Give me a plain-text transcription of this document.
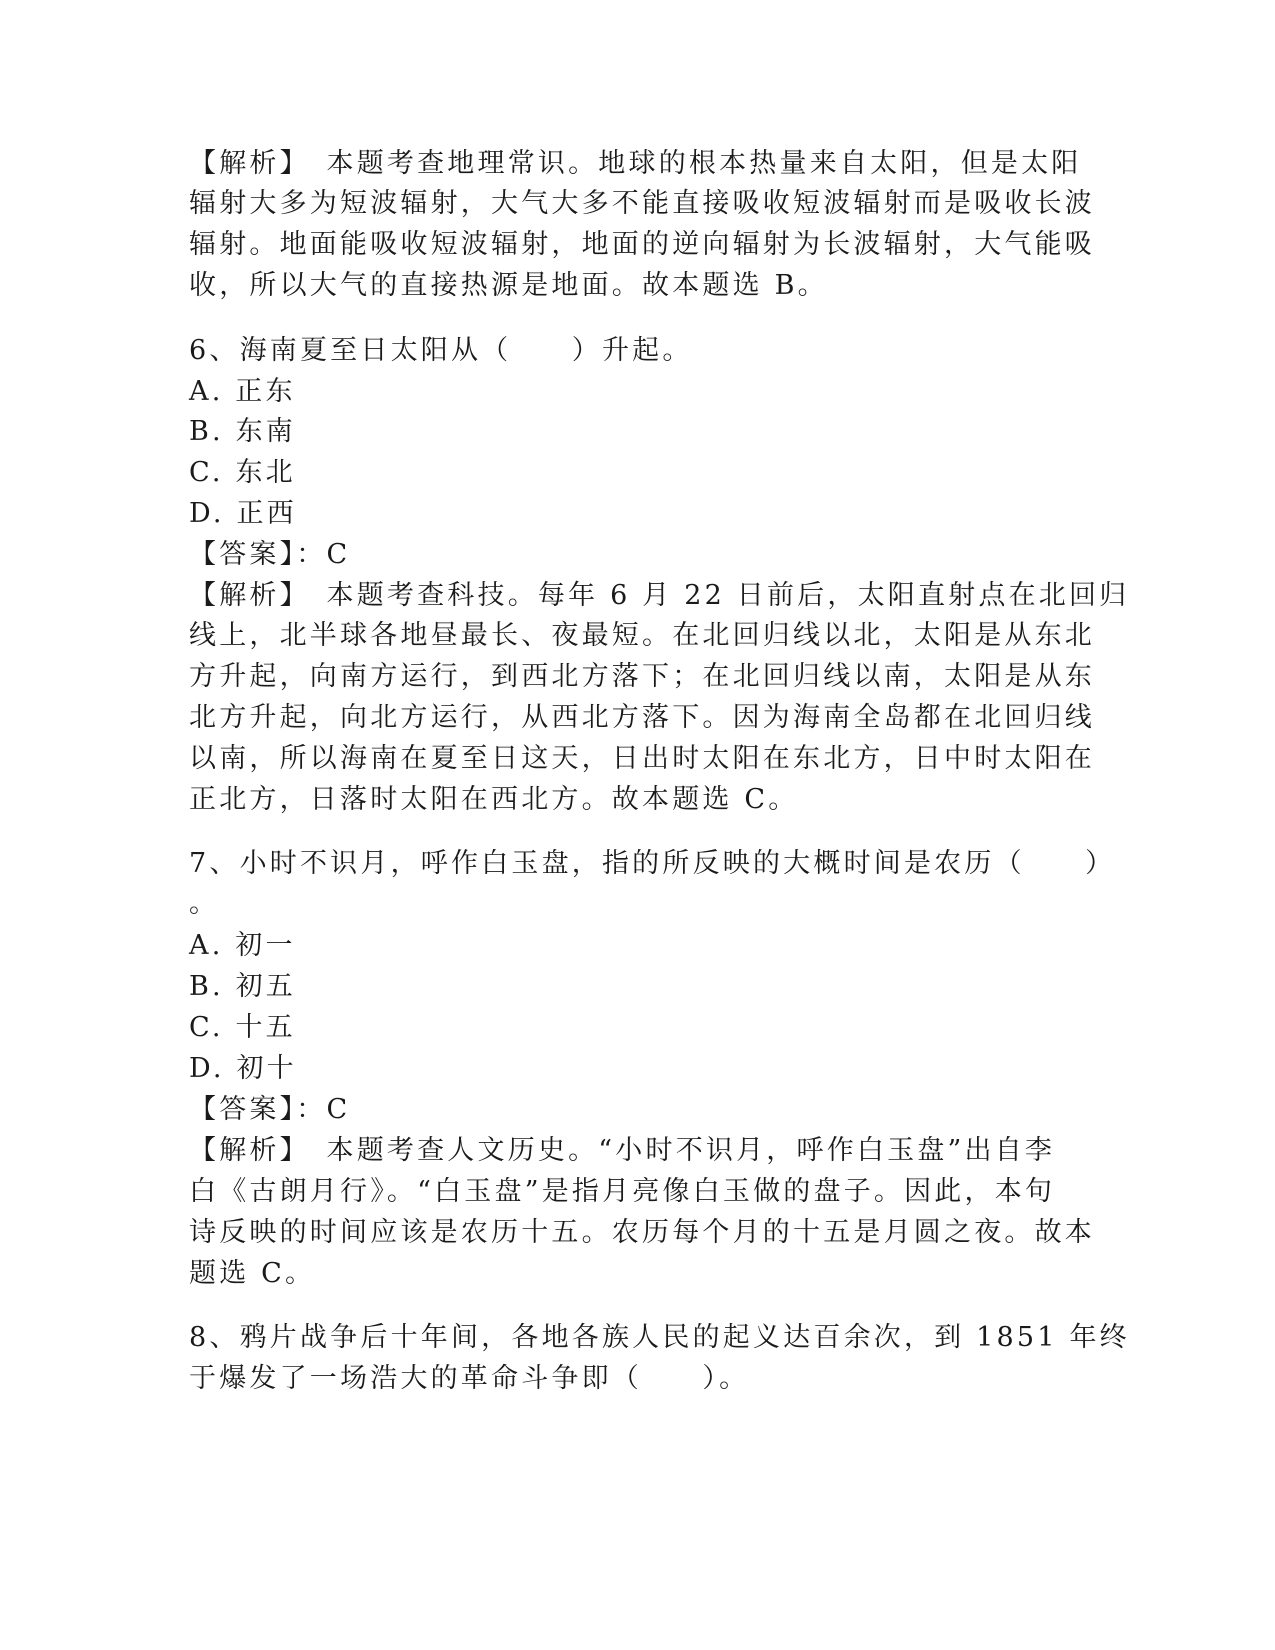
【解析】　本题考查地理常识。地球的根本热量来自太阳，但是太阳
辐射大多为短波辐射，大气大多不能直接吸收短波辐射而是吸收长波
辐射。地面能吸收短波辐射，地面的逆向辐射为长波辐射，大气能吸
收，所以大气的直接热源是地面。故本题选 B。
6、海南夏至日太阳从（　　）升起。
A. 正东
B. 东南
C. 东北
D. 正西
【答案】：C
【解析】　本题考查科技。每年 6 月 22 日前后，太阳直射点在北回归
线上，北半球各地昼最长、夜最短。在北回归线以北，太阳是从东北
方升起，向南方运行，到西北方落下；在北回归线以南，太阳是从东
北方升起，向北方运行，从西北方落下。因为海南全岛都在北回归线
以南，所以海南在夏至日这天，日出时太阳在东北方，日中时太阳在
正北方，日落时太阳在西北方。故本题选 C。
7、小时不识月，呼作白玉盘，指的所反映的大概时间是农历（　　）
。
A. 初一
B. 初五
C. 十五
D. 初十
【答案】：C
【解析】　本题考查人文历史。“小时不识月，呼作白玉盘”出自李
白《古朗月行》。“白玉盘”是指月亮像白玉做的盘子。因此，本句
诗反映的时间应该是农历十五。农历每个月的十五是月圆之夜。故本
题选 C。
8、鸦片战争后十年间，各地各族人民的起义达百余次，到 1851 年终
于爆发了一场浩大的革命斗争即（　　）。
